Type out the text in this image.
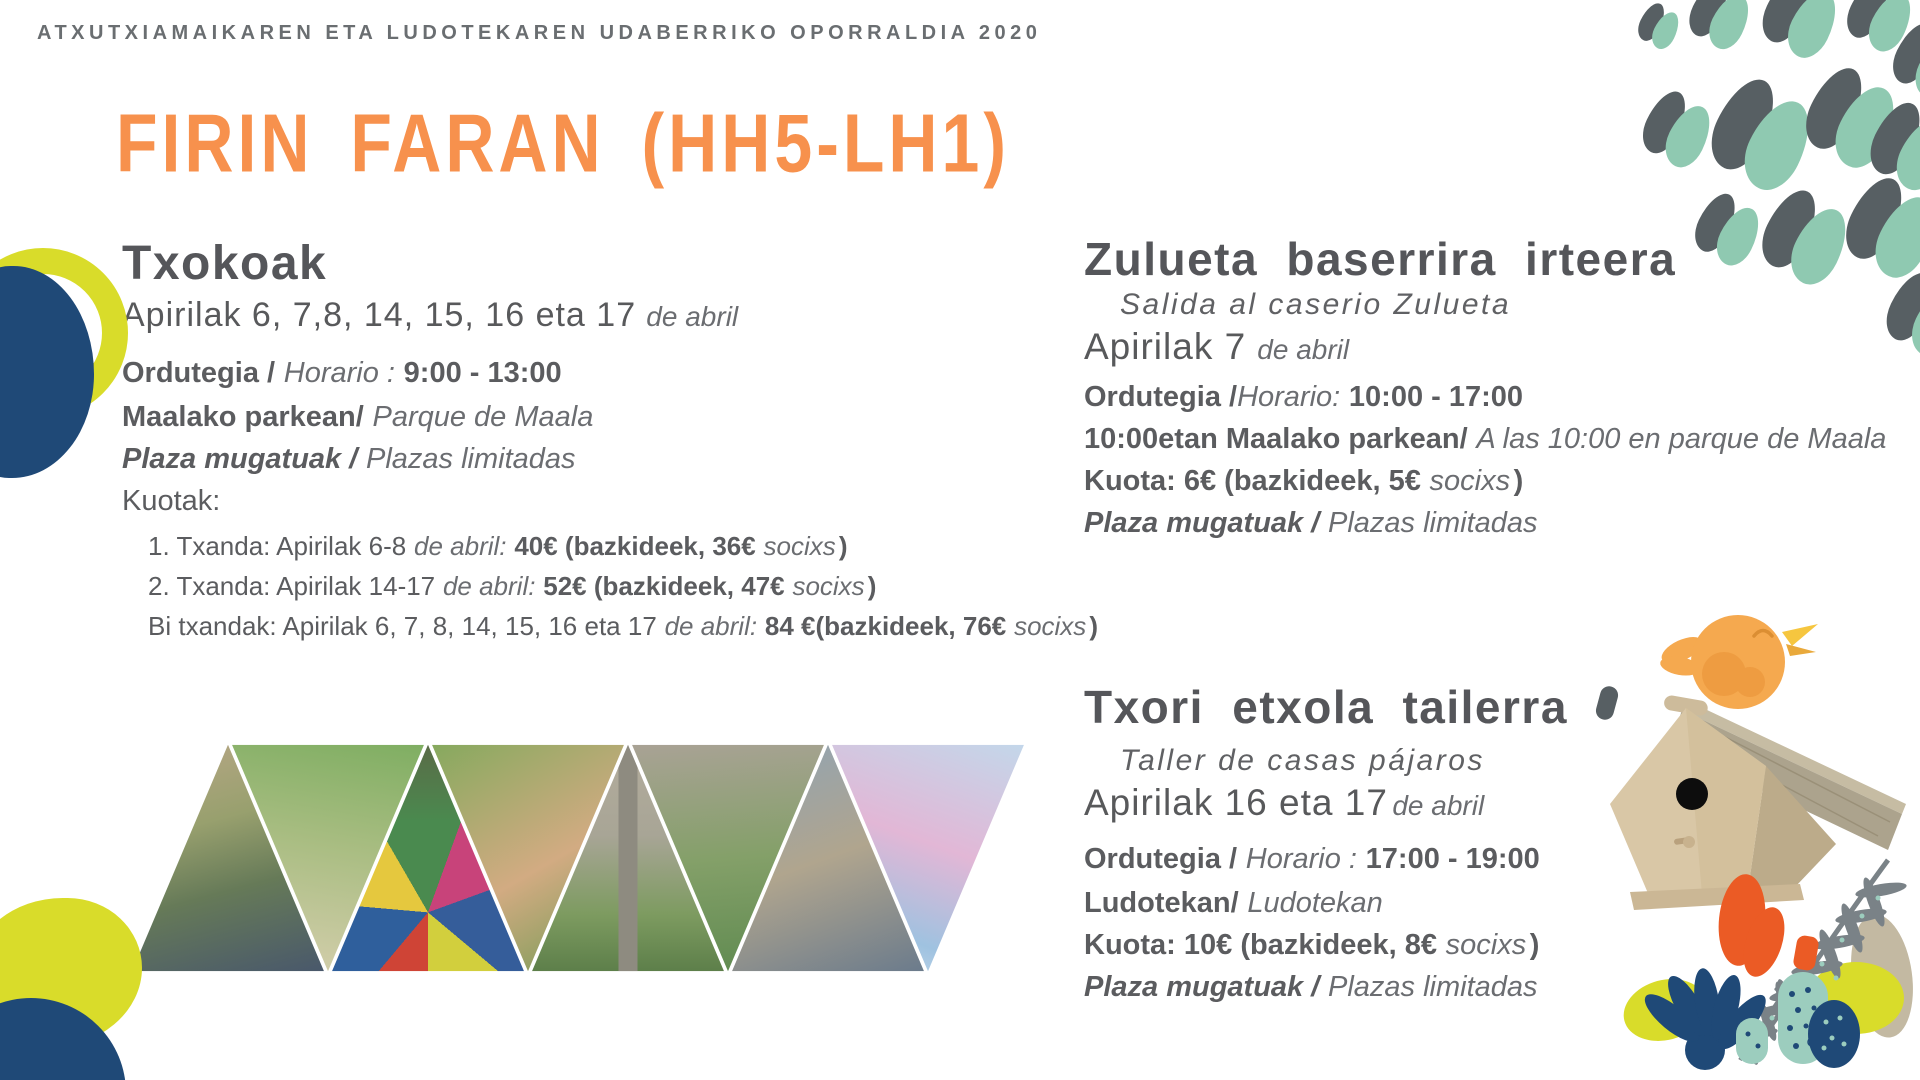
ATXUTXIAMAIKAREN ETA LUDOTEKAREN UDABERRIKO OPORRALDIA 2020
FIRIN FARAN (HH5-LH1)
Txokoak
Apirilak 6, 7,8, 14, 15, 16 eta 17 de abril
Ordutegia / Horario : 9:00 - 13:00
Maalako parkean/ Parque de Maala
Plaza mugatuak / Plazas limitadas
Kuotak:
1. Txanda: Apirilak 6-8 de abril: 40€ (bazkideek, 36€ socixs )
2. Txanda: Apirilak 14-17 de abril: 52€ (bazkideek, 47€ socixs )
Bi txandak: Apirilak 6, 7, 8, 14, 15, 16 eta 17 de abril: 84 €(bazkideek, 76€ socixs )
Zulueta baserrira irteera
Salida al caserio Zulueta
Apirilak 7 de abril
Ordutegia /Horario: 10:00 - 17:00
10:00etan Maalako parkean/ A las 10:00 en parque de Maala
Kuota: 6€ (bazkideek, 5€ socixs )
Plaza mugatuak / Plazas limitadas
Txori etxola tailerra
Taller de casas pájaros
Apirilak 16 eta 17 de abril
Ordutegia / Horario : 17:00 - 19:00
Ludotekan/ Ludotekan
Kuota: 10€ (bazkideek, 8€ socixs )
Plaza mugatuak / Plazas limitadas
